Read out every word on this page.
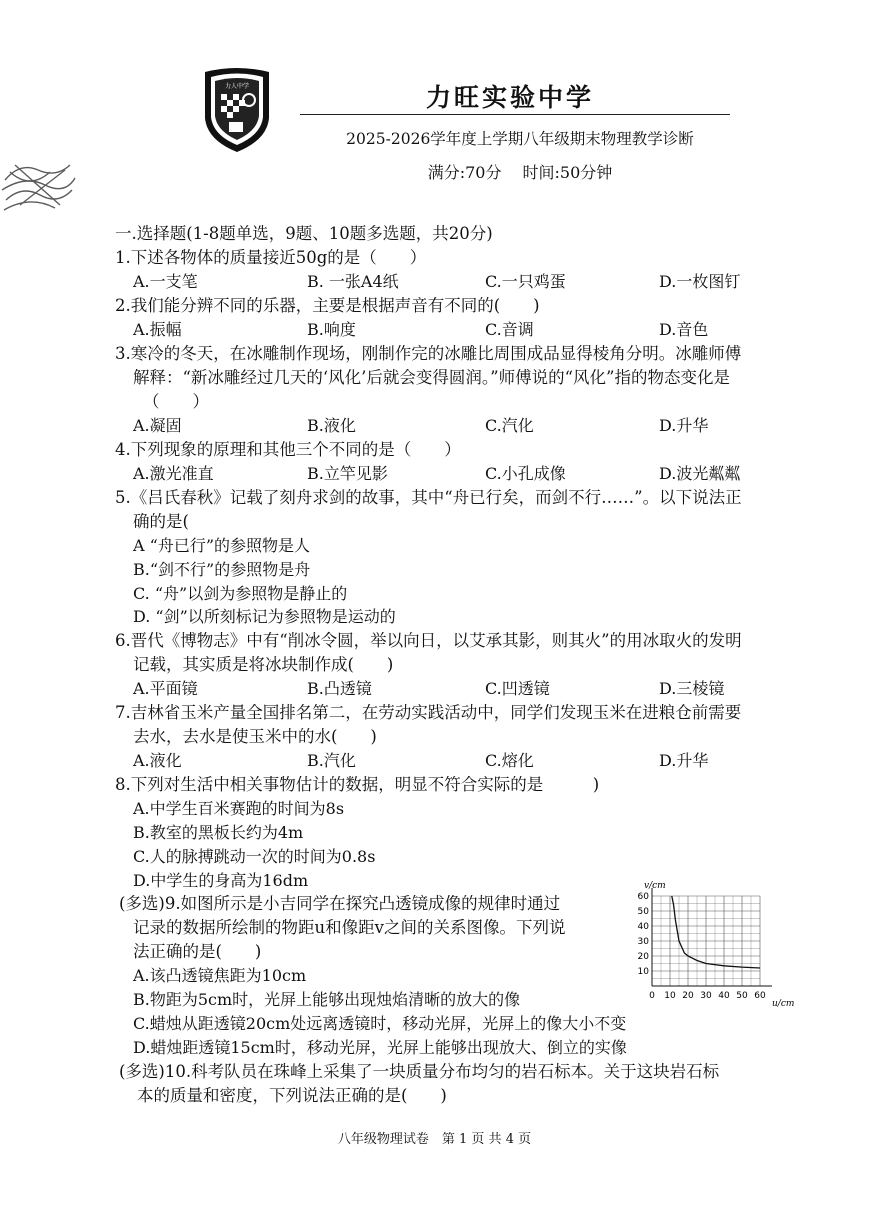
力人中学	力旺实验中学
2025-2026学年度上学期八年级期末物理教学诊断
满分:70分　 时间:50分钟
一.选择题(1-8题单选，9题、10题多选题，共20分)
1.下述各物体的质量接近50g的是（　　）
A.一支笔	B. 一张A4纸	C.一只鸡蛋	D.一枚图钉
2.我们能分辨不同的乐器，主要是根据声音有不同的(　　)
A.振幅	B.响度	C.音调	D.音色
3.寒冷的冬天，在冰雕制作现场，刚制作完的冰雕比周围成品显得棱角分明。冰雕师傅
解释：“新冰雕经过几天的‘风化’后就会变得圆润。”师傅说的“风化”指的物态变化是
（　　）
A.凝固	B.液化	C.汽化	D.升华
4.下列现象的原理和其他三个不同的是（　　）
A.激光准直	B.立竿见影	C.小孔成像	D.波光粼粼
5.《吕氏春秋》记载了刻舟求剑的故事，其中“舟已行矣，而剑不行……”。以下说法正
确的是(
A “舟已行”的参照物是人
B.“剑不行”的参照物是舟
C. “舟”以剑为参照物是静止的
D. “剑”以所刻标记为参照物是运动的
6.晋代《博物志》中有“削冰令圆，举以向日，以艾承其影，则其火”的用冰取火的发明
记载，其实质是将冰块制作成(　　)
A.平面镜	B.凸透镜	C.凹透镜	D.三棱镜
7.吉林省玉米产量全国排名第二，在劳动实践活动中，同学们发现玉米在进粮仓前需要
去水，去水是使玉米中的水(　　)
A.液化	B.汽化	C.熔化	D.升华
8.下列对生活中相关事物估计的数据，明显不符合实际的是　　　)
A.中学生百米赛跑的时间为8s
B.教室的黑板长约为4m
C.人的脉搏跳动一次的时间为0.8s
D.中学生的身高为16dm
(多选)9.如图所示是小吉同学在探究凸透镜成像的规律时通过
记录的数据所绘制的物距u和像距v之间的关系图像。下列说
法正确的是(　　)
A.该凸透镜焦距为10cm
B.物距为5cm时，光屏上能够出现烛焰清晰的放大的像
C.蜡烛从距透镜20cm处远离透镜时，移动光屏，光屏上的像大小不变
D.蜡烛距透镜15cm时，移动光屏，光屏上能够出现放大、倒立的实像
(多选)10.科考队员在珠峰上采集了一块质量分布均匀的岩石标本。关于这块岩石标
本的质量和密度，下列说法正确的是(　　)
60
50
40
30
20
10
0 10 20 30 40 50 60
v/cm
u/cm
八年级物理试卷　第 1 页 共 4 页
